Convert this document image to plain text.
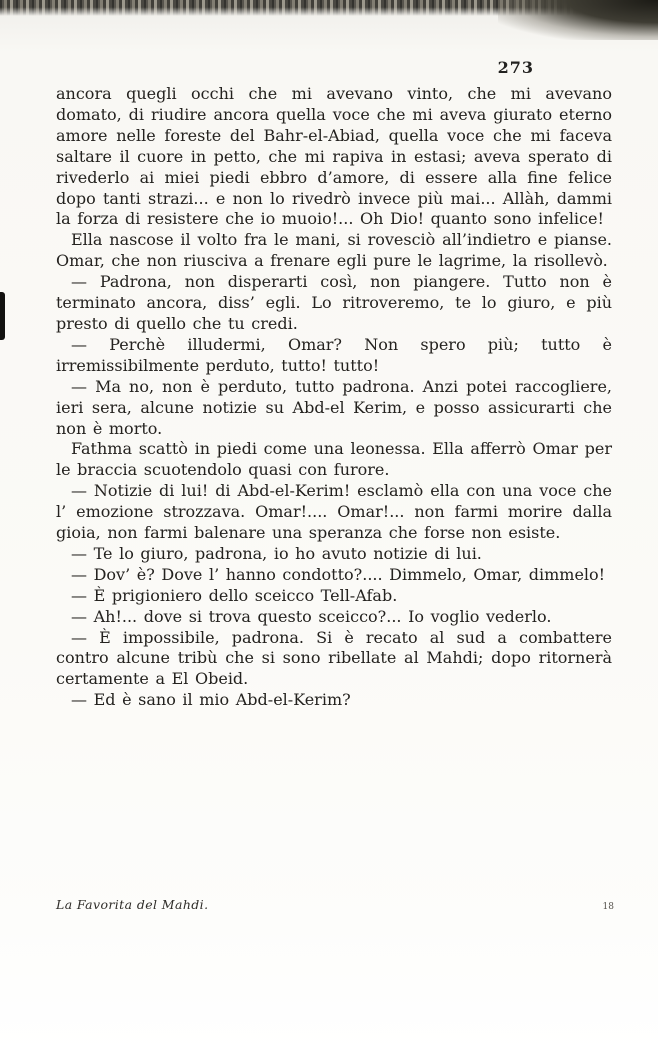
273

ancora quegli occhi che mi avevano vinto, che mi avevano domato, di riudire ancora quella voce che mi aveva giurato eterno amore nelle foreste del Bahr-el-Abiad, quella voce che mi faceva saltare il cuore in petto, che mi rapiva in estasi; aveva sperato di rivederlo ai miei piedi ebbro d’amore, di essere alla fine felice dopo tanti strazi... e non lo rivedrò invece più mai... Allàh, dammi la forza di resistere che io muoio!... Oh Dio! quanto sono infelice!

Ella nascose il volto fra le mani, si rovesciò all’indietro e pianse. Omar, che non riusciva a frenare egli pure le lagrime, la risollevò.

— Padrona, non disperarti così, non piangere. Tutto non è terminato ancora, diss’ egli. Lo ritroveremo, te lo giuro, e più presto di quello che tu credi.

— Perchè illudermi, Omar? Non spero più; tutto è irremissibilmente perduto, tutto! tutto!

— Ma no, non è perduto, tutto padrona. Anzi potei raccogliere, ieri sera, alcune notizie su Abd-el Kerim, e posso assicurarti che non è morto.

Fathma scattò in piedi come una leonessa. Ella afferrò Omar per le braccia scuotendolo quasi con furore.

— Notizie di lui! di Abd-el-Kerim! esclamò ella con una voce che l’ emozione strozzava. Omar!.... Omar!... non farmi morire dalla gioia, non farmi balenare una speranza che forse non esiste.

— Te lo giuro, padrona, io ho avuto notizie di lui.

— Dov’ è? Dove l’ hanno condotto?.... Dimmelo, Omar, dimmelo!

— È prigioniero dello sceicco Tell-Afab.

— Ah!... dove si trova questo sceicco?... Io voglio vederlo.

— È impossibile, padrona. Si è recato al sud a combattere contro alcune tribù che si sono ribellate al Mahdi; dopo ritornerà certamente a El Obeid.

— Ed è sano il mio Abd-el-Kerim?

La Favorita del Mahdi.	18
